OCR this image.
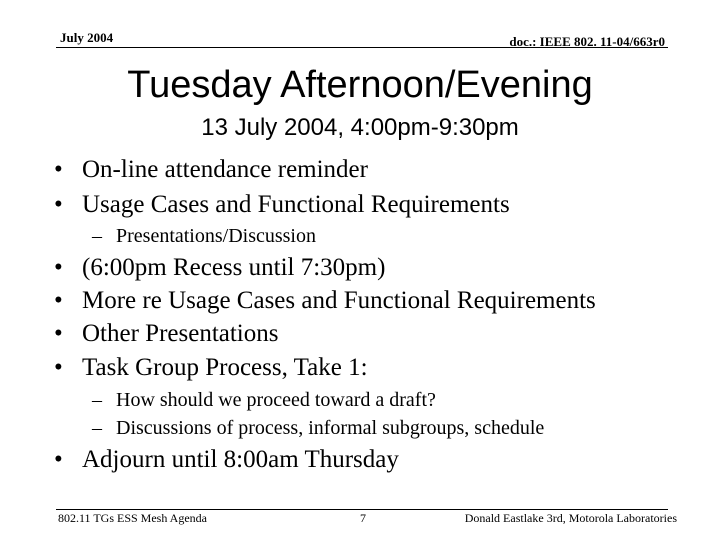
July 2004	doc.: IEEE 802. 11-04/663r0
Tuesday Afternoon/Evening
13 July 2004, 4:00pm-9:30pm
• On-line attendance reminder
• Usage Cases and Functional Requirements
– Presentations/Discussion
• (6:00pm Recess until 7:30pm)
• More re Usage Cases and Functional Requirements
• Other Presentations
• Task Group Process, Take 1:
– How should we proceed toward a draft?
– Discussions of process, informal subgroups, schedule
• Adjourn until 8:00am Thursday
802.11 TGs ESS Mesh Agenda	7	Donald Eastlake 3rd, Motorola Laboratories
